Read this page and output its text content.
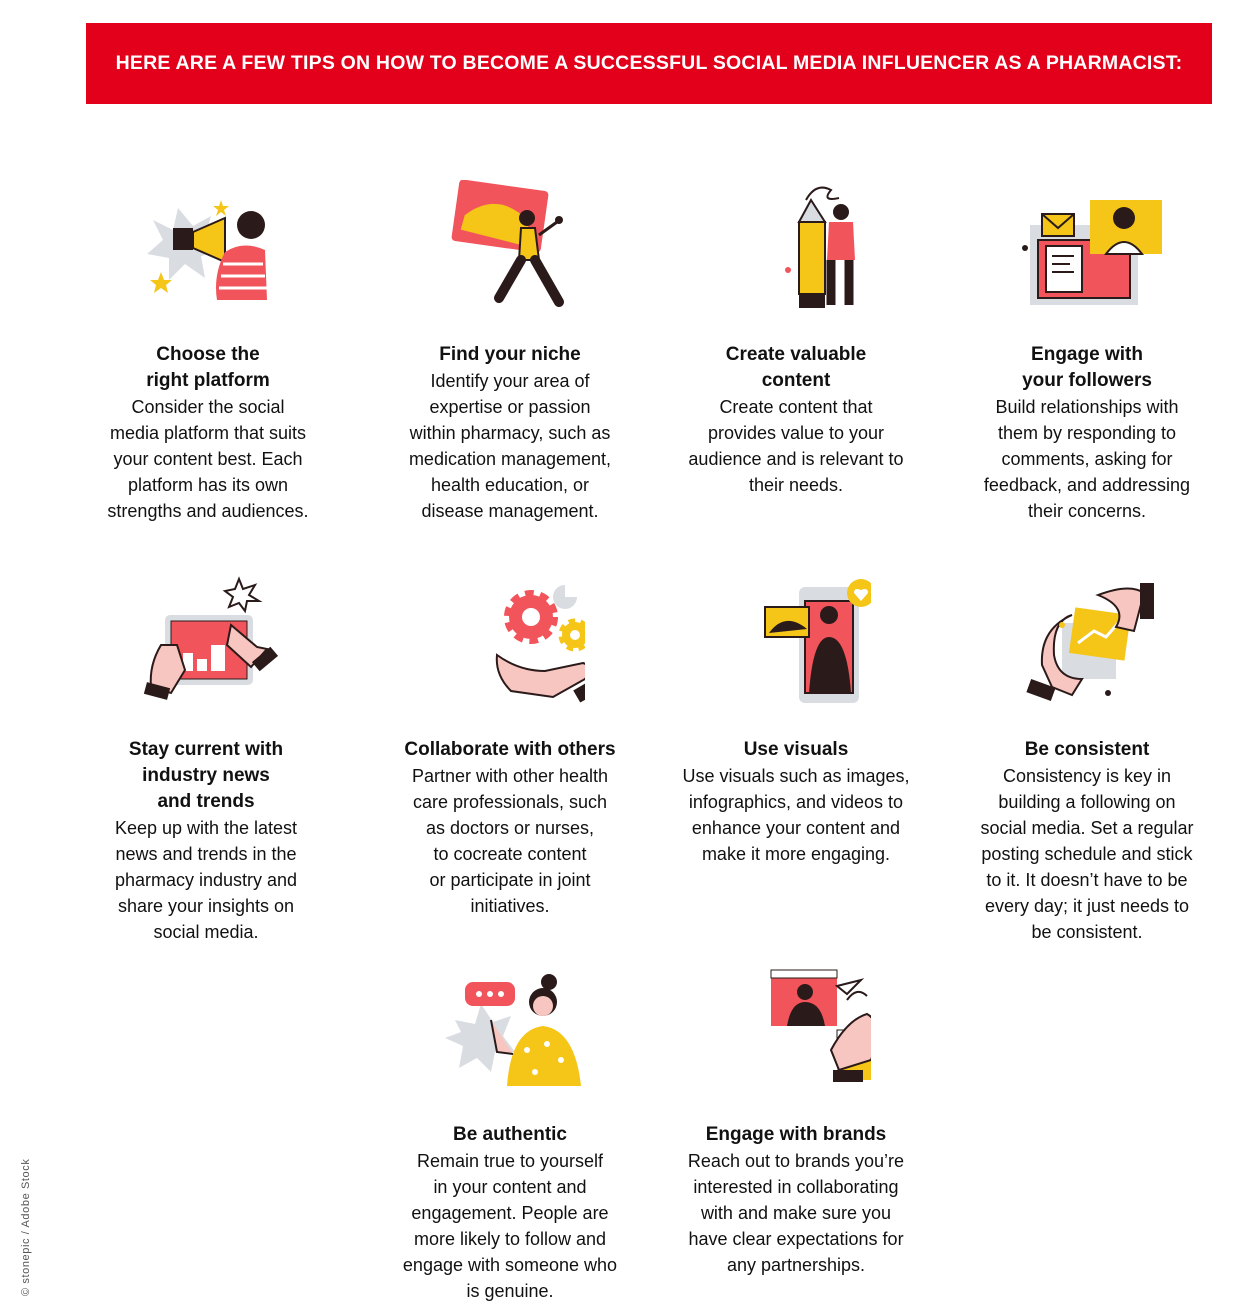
HERE ARE A FEW TIPS ON HOW TO BECOME A SUCCESSFUL SOCIAL MEDIA INFLUENCER AS A PHARMACIST:
Choose the
right platform
Consider the social
media platform that suits
your content best. Each
platform has its own
strengths and audiences.
Find your niche
Identify your area of
expertise or passion
within pharmacy, such as
medication management,
health education, or
disease management.
Create valuable
content
Create content that
provides value to your
audience and is relevant to
their needs.
Engage with
your followers
Build relationships with
them by responding to
comments, asking for
feedback, and addressing
their concerns.
Stay current with
industry news
and trends
Keep up with the latest
news and trends in the
pharmacy industry and
share your insights on
social media.
Collaborate with others
Partner with other health
care professionals, such
as doctors or nurses,
to cocreate content
or participate in joint
initiatives.
Use visuals
Use visuals such as images,
infographics, and videos to
enhance your content and
make it more engaging.
Be consistent
Consistency is key in
building a following on
social media. Set a regular
posting schedule and stick
to it. It doesn’t have to be
every day; it just needs to
be consistent.
Be authentic
Remain true to yourself
in your content and
engagement. People are
more likely to follow and
engage with someone who
is genuine.
Engage with brands
Reach out to brands you’re
interested in collaborating
with and make sure you
have clear expectations for
any partnerships.
© stonepic / Adobe Stock
